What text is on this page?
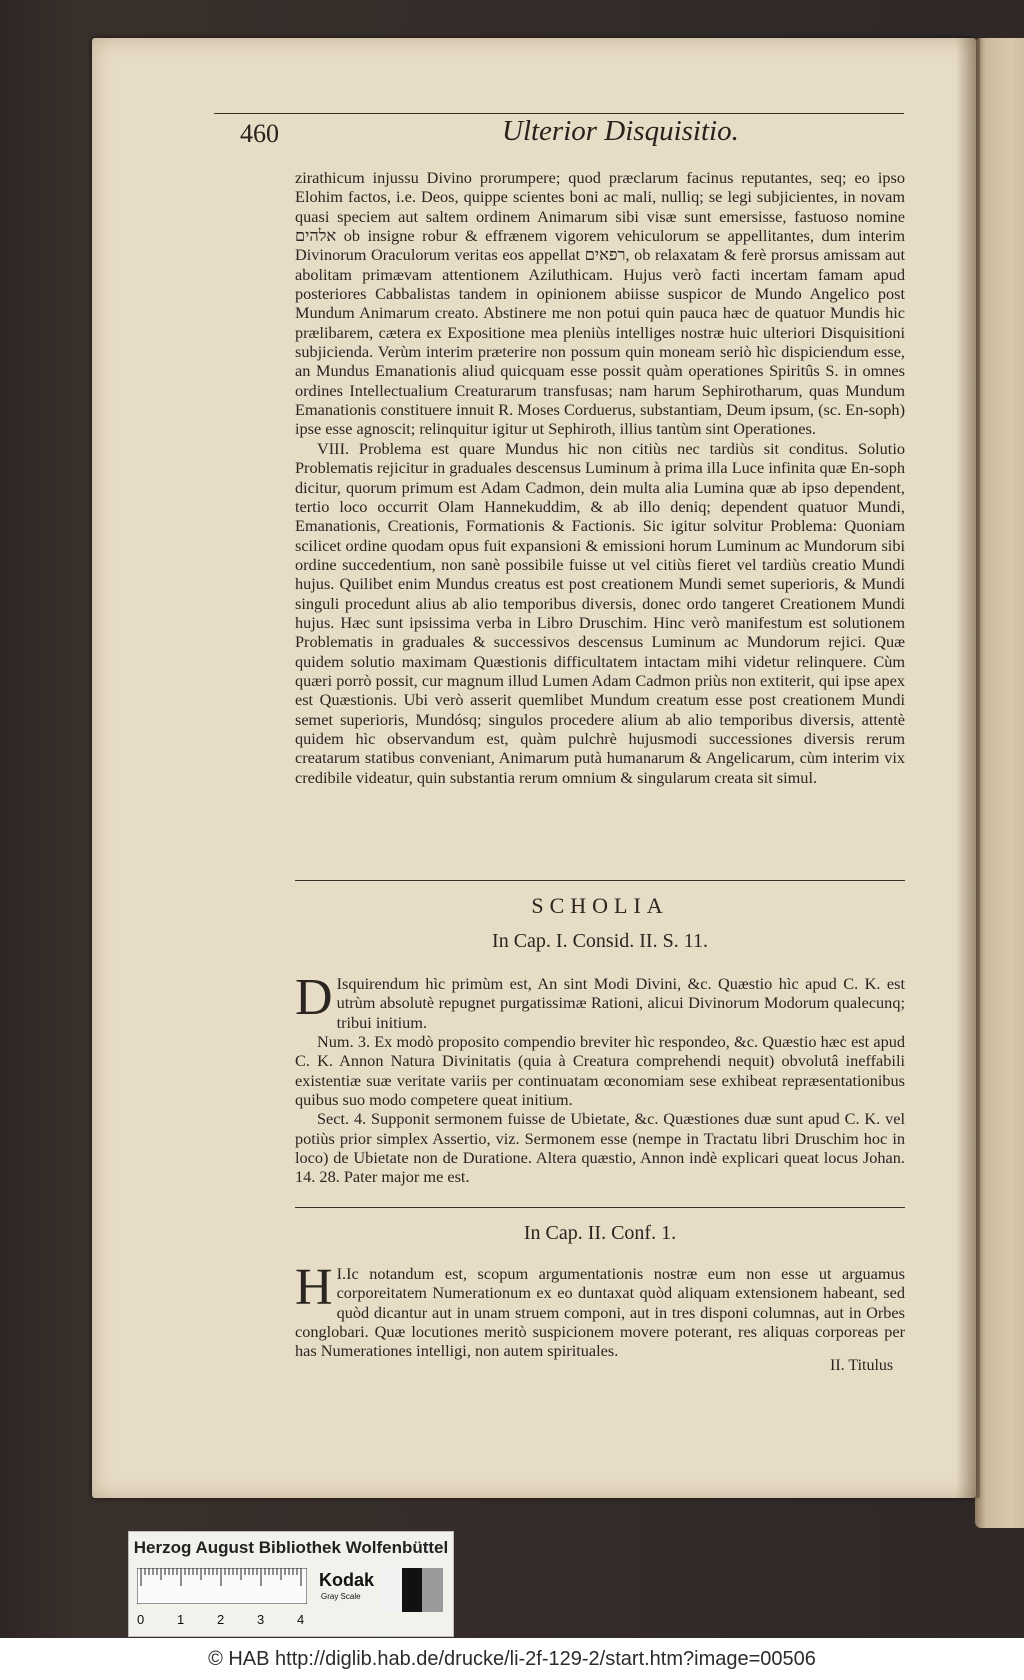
460	Ulterior Disquisitio.

zirathicum injussu Divino prorumpere; quod præclarum facinus reputantes, seq; eo ipso Elohim factos, i.e. Deos, quippe scientes boni ac mali, nulliq; se legi subjicientes, in novam quasi speciem aut saltem ordinem Animarum sibi visæ sunt emersisse, fastuoso nomine אלהים ob insigne robur & effrænem vigorem vehiculorum se appellitantes, dum interim Divinorum Oraculorum veritas eos appellat רפאים, ob relaxatam & ferè prorsus amissam aut abolitam primævam attentionem Aziluthicam. Hujus verò facti incertam famam apud posteriores Cabbalistas tandem in opinionem abiisse suspicor de Mundo Angelico post Mundum Animarum creato. Abstinere me non potui quin pauca hæc de quatuor Mundis hic prælibarem, cætera ex Expositione mea pleniùs intelliges nostræ huic ulteriori Disquisitioni subjicienda. Verùm interim præterire non possum quin moneam seriò hìc dispiciendum esse, an Mundus Emanationis aliud quicquam esse possit quàm operationes Spiritûs S. in omnes ordines Intellectualium Creaturarum transfusas; nam harum Sephirotharum, quas Mundum Emanationis constituere innuit R. Moses Corduerus, substantiam, Deum ipsum, (sc. En-soph) ipse esse agnoscit; relinquitur igitur ut Sephiroth, illius tantùm sint Operationes.

VIII. Problema est quare Mundus hic non citiùs nec tardiùs sit conditus. Solutio Problematis rejicitur in graduales descensus Luminum à prima illa Luce infinita quæ En-soph dicitur, quorum primum est Adam Cadmon, dein multa alia Lumina quæ ab ipso dependent, tertio loco occurrit Olam Hannekuddim, & ab illo deniq; dependent quatuor Mundi, Emanationis, Creationis, Formationis & Factionis. Sic igitur solvitur Problema: Quoniam scilicet ordine quodam opus fuit expansioni & emissioni horum Luminum ac Mundorum sibi ordine succedentium, non sanè possibile fuisse ut vel citiùs fieret vel tardiùs creatio Mundi hujus. Quilibet enim Mundus creatus est post creationem Mundi semet superioris, & Mundi singuli procedunt alius ab alio temporibus diversis, donec ordo tangeret Creationem Mundi hujus. Hæc sunt ipsissima verba in Libro Druschim. Hinc verò manifestum est solutionem Problematis in graduales & successivos descensus Luminum ac Mundorum rejici. Quæ quidem solutio maximam Quæstionis difficultatem intactam mihi videtur relinquere. Cùm quæri porrò possit, cur magnum illud Lumen Adam Cadmon priùs non extiterit, qui ipse apex est Quæstionis. Ubi verò asserit quemlibet Mundum creatum esse post creationem Mundi semet superioris, Mundósq; singulos procedere alium ab alio temporibus diversis, attentè quidem hìc observandum est, quàm pulchrè hujusmodi successiones diversis rerum creatarum statibus conveniant, Animarum putà humanarum & Angelicarum, cùm interim vix credibile videatur, quin substantia rerum omnium & singularum creata sit simul.

SCHOLIA
In Cap. I. Consid. II. S. 11.

D Isquirendum hìc primùm est, An sint Modi Divini, &c. Quæstio hìc apud C. K. est utrùm absolutè repugnet purgatissimæ Rationi, alicui Divinorum Modorum qualecunq; tribui initium.

Num. 3. Ex modò proposito compendio breviter hìc respondeo, &c. Quæstio hæc est apud C. K. Annon Natura Divinitatis (quia à Creatura comprehendi nequit) obvolutâ ineffabili existentiæ suæ veritate variis per continuatam œconomiam sese exhibeat repræsentationibus quibus suo modo competere queat initium.

Sect. 4. Supponit sermonem fuisse de Ubietate, &c. Quæstiones duæ sunt apud C. K. vel potiùs prior simplex Assertio, viz. Sermonem esse (nempe in Tractatu libri Druschim hoc in loco) de Ubietate non de Duratione. Altera quæstio, Annon indè explicari queat locus Johan. 14. 28. Pater major me est.

In Cap. II. Conf. 1.

I.
H Ic notandum est, scopum argumentationis nostræ eum non esse ut arguamus corporeitatem Numerationum ex eo duntaxat quòd aliquam extensionem habeant, sed quòd dicantur aut in unam struem componi, aut in tres disponi columnas, aut in Orbes conglobari. Quæ locutiones meritò suspicionem movere poterant, res aliquas corporeas per has Numerationes intelligi, non autem spirituales.

II. Titulus
Herzog August Bibliothek Wolfenbüttel
0	1	2	3	4
Kodak
Gray Scale
© HAB http://diglib.hab.de/drucke/li-2f-129-2/start.htm?image=00506
